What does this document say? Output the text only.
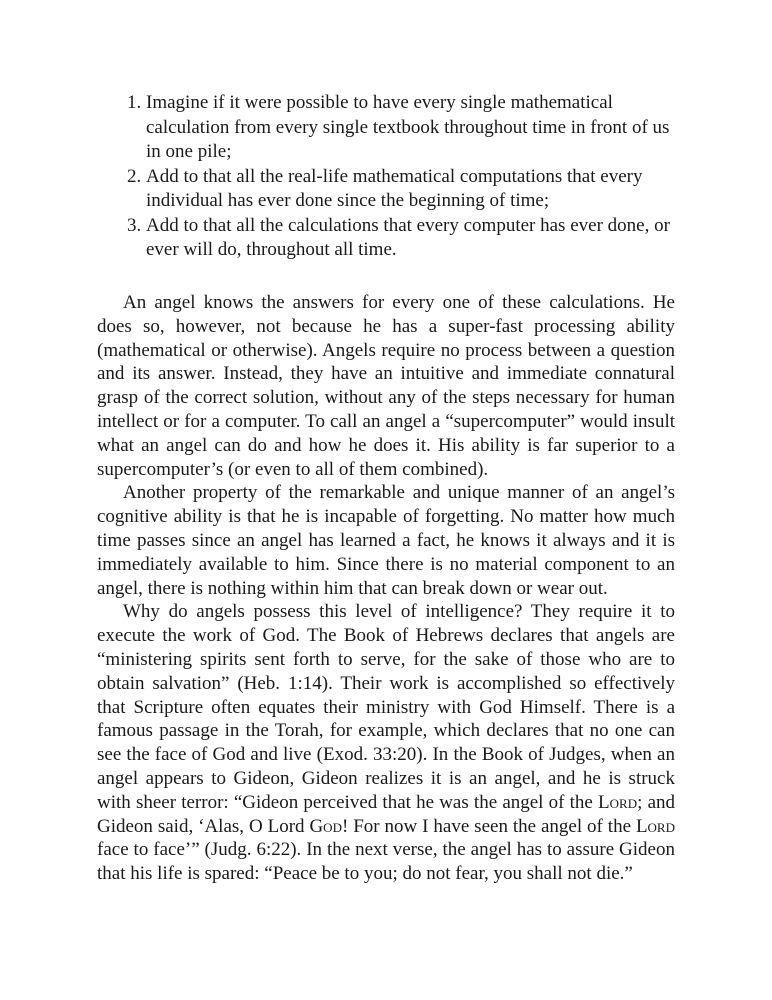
1. Imagine if it were possible to have every single mathematical calculation from every single textbook throughout time in front of us in one pile;
2. Add to that all the real-life mathematical computations that every individual has ever done since the beginning of time;
3. Add to that all the calculations that every computer has ever done, or ever will do, throughout all time.

An angel knows the answers for every one of these calculations. He does so, however, not because he has a super-fast processing ability (mathematical or otherwise). Angels require no process between a question and its answer. Instead, they have an intuitive and immediate connatural grasp of the correct solution, without any of the steps necessary for human intellect or for a computer. To call an angel a “supercomputer” would insult what an angel can do and how he does it. His ability is far superior to a supercomputer’s (or even to all of them combined).

Another property of the remarkable and unique manner of an angel’s cognitive ability is that he is incapable of forgetting. No matter how much time passes since an angel has learned a fact, he knows it always and it is immediately available to him. Since there is no material component to an angel, there is nothing within him that can break down or wear out.

Why do angels possess this level of intelligence? They require it to execute the work of God. The Book of Hebrews declares that angels are “ministering spirits sent forth to serve, for the sake of those who are to obtain salvation” (Heb. 1:14). Their work is accomplished so effectively that Scripture often equates their ministry with God Himself. There is a famous passage in the Torah, for example, which declares that no one can see the face of God and live (Exod. 33:20). In the Book of Judges, when an angel appears to Gideon, Gideon realizes it is an angel, and he is struck with sheer terror: “Gideon perceived that he was the angel of the Lord; and Gideon said, ‘Alas, O Lord God! For now I have seen the angel of the Lord face to face’” (Judg. 6:22). In the next verse, the angel has to assure Gideon that his life is spared: “Peace be to you; do not fear, you shall not die.”
